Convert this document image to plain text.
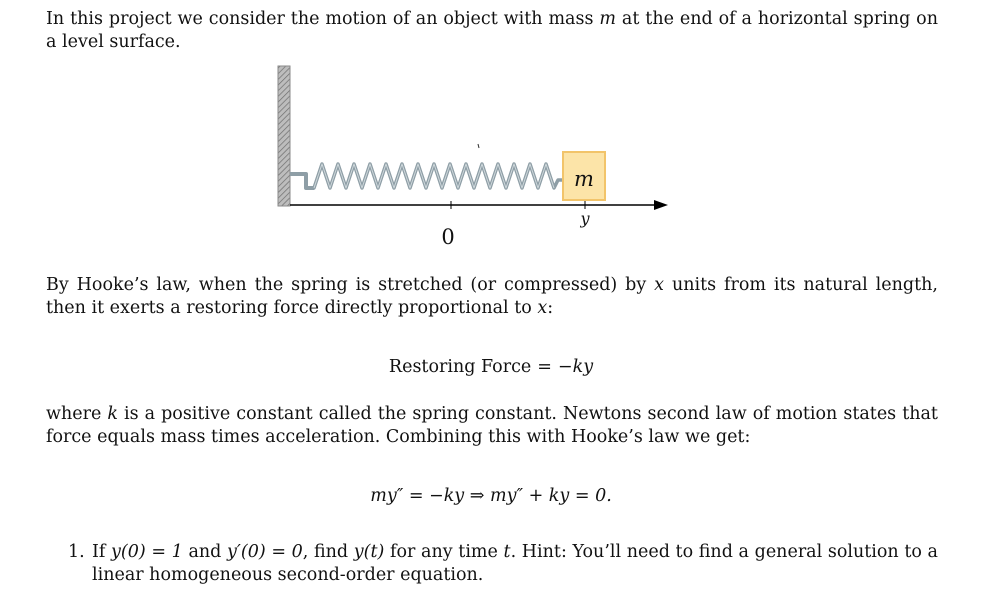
In this project we consider the motion of an object with mass m at the end of a horizontal spring on a level surface.

m
0
y

By Hooke’s law, when the spring is stretched (or compressed) by x units from its natural length, then it exerts a restoring force directly proportional to x:

Restoring Force = −ky

where k is a positive constant called the spring constant. Newtons second law of motion states that force equals mass times acceleration. Combining this with Hooke’s law we get:

my″ = −ky ⇒ my″ + ky = 0.
1. If y(0) = 1 and y′(0) = 0, find y(t) for any time t. Hint: You’ll need to find a general solution to a linear homogeneous second-order equation.
